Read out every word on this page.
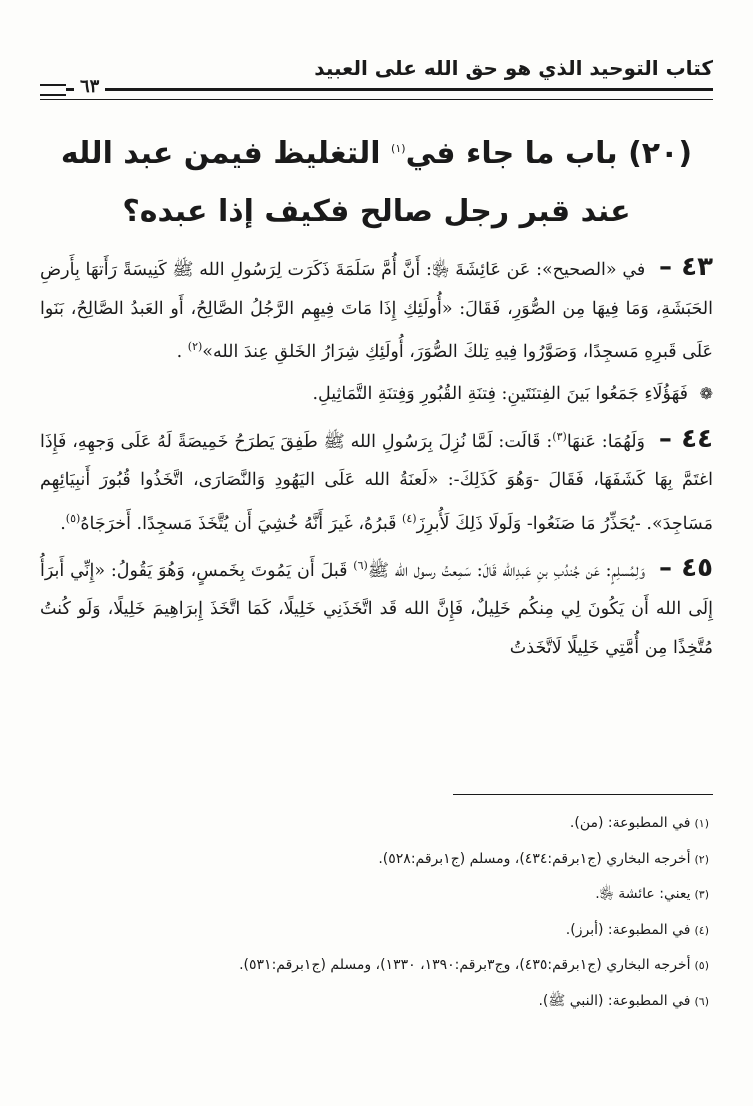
كتاب التوحيد الذي هو حق الله على العبيد
٦٣
(٢٠) باب ما جاء في$^{(١)}$ التغليظ فيمن عبد الله
عند قبر رجل صالح فكيف إذا عبده؟

٤٣ – في «الصحيح»: عَن عَائِشَةَ ﵂: أَنَّ أُمَّ سَلَمَةَ ذَكَرَت لِرَسُولِ الله ﷺ كَنِيسَةً رَأَتهَا بِأَرضِ الحَبَشَةِ، وَمَا فِيهَا مِن الصُّوَرِ، فَقَالَ: «أُولَئِكِ إِذَا مَاتَ فِيهِم الرَّجُلُ الصَّالِحُ، أَو العَبدُ الصَّالِحُ، بَنَوا عَلَى قَبرِهِ مَسجِدًا، وَصَوَّرُوا فِيهِ تِلكَ الصُّوَرَ، أُولَئِكِ شِرَارُ الخَلقِ عِندَ الله»$^{(٢)}$ .

❁ فَهَؤُلَاءِ جَمَعُوا بَينَ الفِتنَتَينِ: فِتنَةِ القُبُورِ وَفِتنَةِ التَّمَاثِيلِ.

٤٤ – وَلَهُمَا: عَنهَا$^{(٣)}$: قَالَت: لَمَّا نُزِلَ بِرَسُولِ الله ﷺ طَفِقَ يَطرَحُ خَمِيصَةً لَهُ عَلَى وَجهِهِ، فَإِذَا اغتَمَّ بِهَا كَشَفَهَا، فَقَالَ -وَهُوَ كَذَلِكَ-: «لَعنَةُ الله عَلَى اليَهُودِ وَالنَّصَارَى، اتَّخَذُوا قُبُورَ أَنبِيَائِهِم مَسَاجِدَ». -يُحَذِّرُ مَا صَنَعُوا- وَلَولَا ذَلِكَ لَأُبرِزَ$^{(٤)}$ قَبرُهُ، غَيرَ أَنَّهُ خُشِيَ أَن يُتَّخَذَ مَسجِدًا. أَخرَجَاهُ$^{(٥)}$.

٤٥ – وَلِمُسلِمٍ: عَن جُندُبِ بنِ عَبدِالله قَالَ: سَمِعتُ رسول الله ﷺ$^{(٦)}$ قَبلَ أَن يَمُوتَ بِخَمسٍ، وَهُوَ يَقُولُ: «إِنِّي أَبرَأُ إِلَى الله أَن يَكُونَ لِي مِنكُم خَلِيلٌ، فَإِنَّ الله قَد اتَّخَذَنِي خَلِيلًا، كَمَا اتَّخَذَ إِبرَاهِيمَ خَلِيلًا، وَلَو كُنتُ مُتَّخِذًا مِن أُمَّتِي خَلِيلًا لَاتَّخَذتُ

(١)في المطبوعة: (من).
(٢)أخرجه البخاري (ج١برقم:٤٣٤)، ومسلم (ج١برقم:٥٢٨).
(٣)يعني: عائشة ﵂.
(٤)في المطبوعة: (أبرز).
(٥)أخرجه البخاري (ج١برقم:٤٣٥)، وج٣برقم:١٣٩٠، ١٣٣٠)، ومسلم (ج١برقم:٥٣١).
(٦)في المطبوعة: (النبي ﷺ).
